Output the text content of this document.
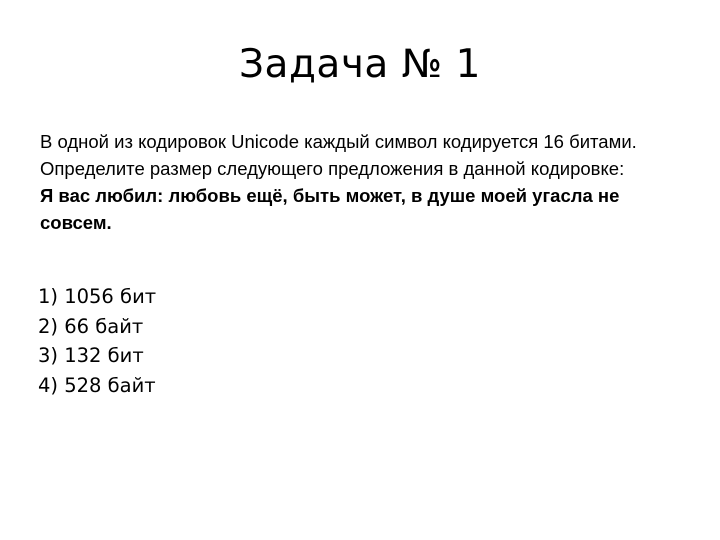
Задача № 1

В одной из кодировок Unicode каждый символ кодируется 16 битами. Определите размер следующего предложения в данной кодировке:

Я вас любил: любовь ещё, быть может, в душе моей угасла не совсем.

1) 1056 бит
2) 66 байт
3) 132 бит
4) 528 байт
